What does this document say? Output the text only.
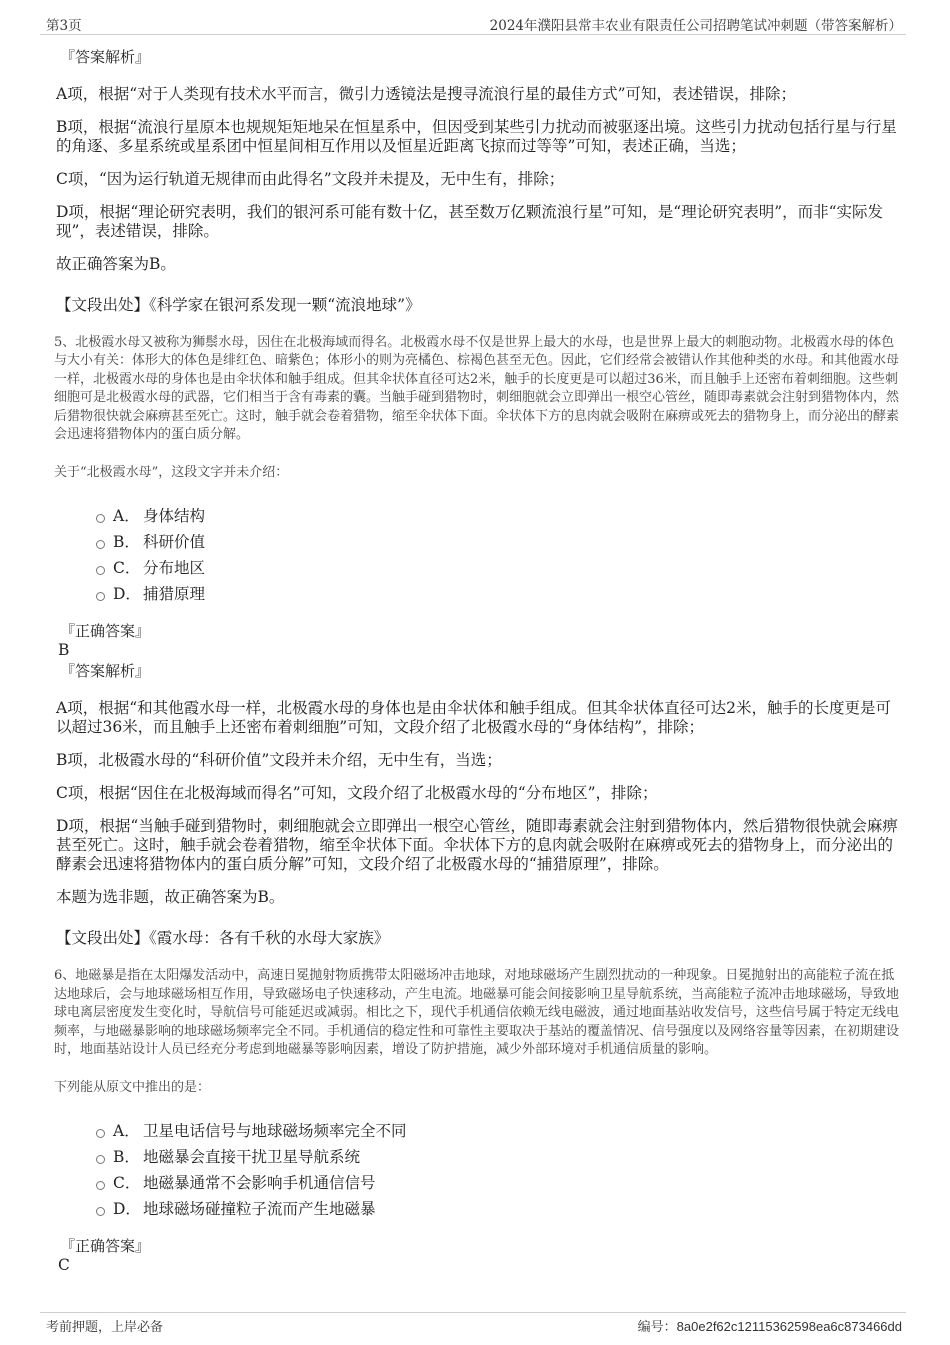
第3页	2024年濮阳县常丰农业有限责任公司招聘笔试冲刺题（带答案解析）
『答案解析』

A项，根据“对于人类现有技术水平而言，微引力透镜法是搜寻流浪行星的最佳方式”可知，表述错误，排除；

B项，根据“流浪行星原本也规规矩矩地呆在恒星系中，但因受到某些引力扰动而被驱逐出境。这些引力扰动包括行星与行星的角逐、多星系统或星系团中恒星间相互作用以及恒星近距离飞掠而过等等”可知，表述正确，当选；

C项，“因为运行轨道无规律而由此得名”文段并未提及，无中生有，排除；

D项，根据“理论研究表明，我们的银河系可能有数十亿，甚至数万亿颗流浪行星”可知，是“理论研究表明”，而非“实际发现”，表述错误，排除。

故正确答案为B。

【文段出处】《科学家在银河系发现一颗“流浪地球”》
5、北极霞水母又被称为狮鬃水母，因住在北极海域而得名。北极霞水母不仅是世界上最大的水母，也是世界上最大的刺胞动物。北极霞水母的体色与大小有关：体形大的体色是绯红色、暗紫色；体形小的则为亮橘色、棕褐色甚至无色。因此，它们经常会被错认作其他种类的水母。和其他霞水母一样，北极霞水母的身体也是由伞状体和触手组成。但其伞状体直径可达2米，触手的长度更是可以超过36米，而且触手上还密布着刺细胞。这些刺细胞可是北极霞水母的武器，它们相当于含有毒素的囊。当触手碰到猎物时，刺细胞就会立即弹出一根空心管丝，随即毒素就会注射到猎物体内，然后猎物很快就会麻痹甚至死亡。这时，触手就会卷着猎物，缩至伞状体下面。伞状体下方的息肉就会吸附在麻痹或死去的猎物身上，而分泌出的酵素会迅速将猎物体内的蛋白质分解。
关于“北极霞水母”，这段文字并未介绍：
A． 身体结构
B． 科研价值
C． 分布地区
D． 捕猎原理
『正确答案』
B
『答案解析』

A项，根据“和其他霞水母一样，北极霞水母的身体也是由伞状体和触手组成。但其伞状体直径可达2米，触手的长度更是可以超过36米，而且触手上还密布着刺细胞”可知，文段介绍了北极霞水母的“身体结构”，排除；

B项，北极霞水母的“科研价值”文段并未介绍，无中生有，当选；

C项，根据“因住在北极海域而得名”可知，文段介绍了北极霞水母的“分布地区”，排除；

D项，根据“当触手碰到猎物时，刺细胞就会立即弹出一根空心管丝，随即毒素就会注射到猎物体内，然后猎物很快就会麻痹甚至死亡。这时，触手就会卷着猎物，缩至伞状体下面。伞状体下方的息肉就会吸附在麻痹或死去的猎物身上，而分泌出的酵素会迅速将猎物体内的蛋白质分解”可知，文段介绍了北极霞水母的“捕猎原理”，排除。

本题为选非题，故正确答案为B。

【文段出处】《霞水母：各有千秋的水母大家族》
6、地磁暴是指在太阳爆发活动中，高速日冕抛射物质携带太阳磁场冲击地球，对地球磁场产生剧烈扰动的一种现象。日冕抛射出的高能粒子流在抵达地球后，会与地球磁场相互作用，导致磁场电子快速移动，产生电流。地磁暴可能会间接影响卫星导航系统，当高能粒子流冲击地球磁场，导致地球电离层密度发生变化时，导航信号可能延迟或减弱。相比之下，现代手机通信依赖无线电磁波，通过地面基站收发信号，这些信号属于特定无线电频率，与地磁暴影响的地球磁场频率完全不同。手机通信的稳定性和可靠性主要取决于基站的覆盖情况、信号强度以及网络容量等因素，在初期建设时，地面基站设计人员已经充分考虑到地磁暴等影响因素，增设了防护措施，减少外部环境对手机通信质量的影响。
下列能从原文中推出的是：
A． 卫星电话信号与地球磁场频率完全不同
B． 地磁暴会直接干扰卫星导航系统
C． 地磁暴通常不会影响手机通信信号
D． 地球磁场碰撞粒子流而产生地磁暴
『正确答案』
C
考前押题，上岸必备	编号：8a0e2f62c12115362598ea6c873466dd
